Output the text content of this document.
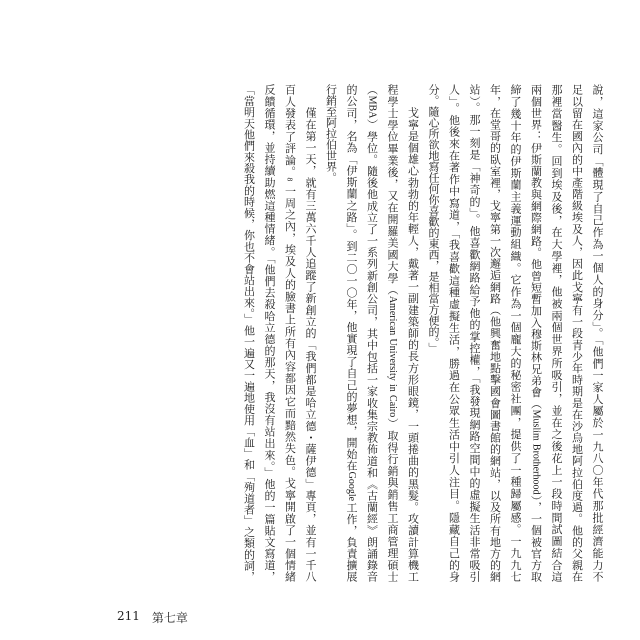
說，這家公司「體現了自己作為一個人的身分」。「他們一家人屬於一九八〇年代那批經濟能力不
足以留在國內的中產階級埃及人，因此戈寧有一段青少年時期是在沙烏地阿拉伯度過。他的父親在
那裡當醫生。回到埃及後，在大學裡，他被兩個世界所吸引，並在之後花上一段時間試圖結合這
兩個世界：伊斯蘭教與網際網路。他曾短暫加入穆斯林兄弟會（Muslim Brotherhood），一個被官方取
締了幾十年的伊斯蘭主義運動組織。它作為一個龐大的秘密社團，提供了一種歸屬感。一九九七
年，在堂哥的臥室裡，戈寧第一次邂逅網路（他興奮地點擊國會圖書館的網站，以及所有地方的網
站）。那一刻是「神奇的」。他喜歡網路給予他的掌控權，「我發現網路空間中的虛擬生活非常吸引
人」。他後來在著作中寫道，「我喜歡這種虛擬生活，勝過在公眾生活中引人注目。隱藏自己的身
分。隨心所欲地寫任何你喜歡的東西，是相當方便的。」
戈寧是個雄心勃勃的年輕人，戴著一副建築師的長方形眼鏡，一頭捲曲的黑髮。攻讀計算機工
程學士學位畢業後，又在開羅美國大學（American University in Cairo）取得行銷與銷售工商管理碩士
（MBA）學位。隨後他成立了一系列新創公司，其中包括一家收集宗教佈道和《古蘭經》朗誦錄音
的公司，名為「伊斯蘭之路」。到二〇一〇年，他實現了自己的夢想，開始在Google工作，負責擴展
行銷至阿拉伯世界。
僅在第一天，就有三萬六千人追蹤了新創立的「我們都是哈立德・薩伊德」專頁，並有一千八
百人發表了評論。8 一周之內，埃及人的臉書上所有內容都因它而黯然失色。戈寧開啟了一個情緒
反饋循環，並持續助燃這種情緒。「他們去殺哈立德的那天，我沒有站出來。」他的一篇貼文寫道，
「當明天他們來殺我的時候，你也不會站出來。」他一遍又一遍地使用「血」和「殉道者」之類的詞，
211 第七章
